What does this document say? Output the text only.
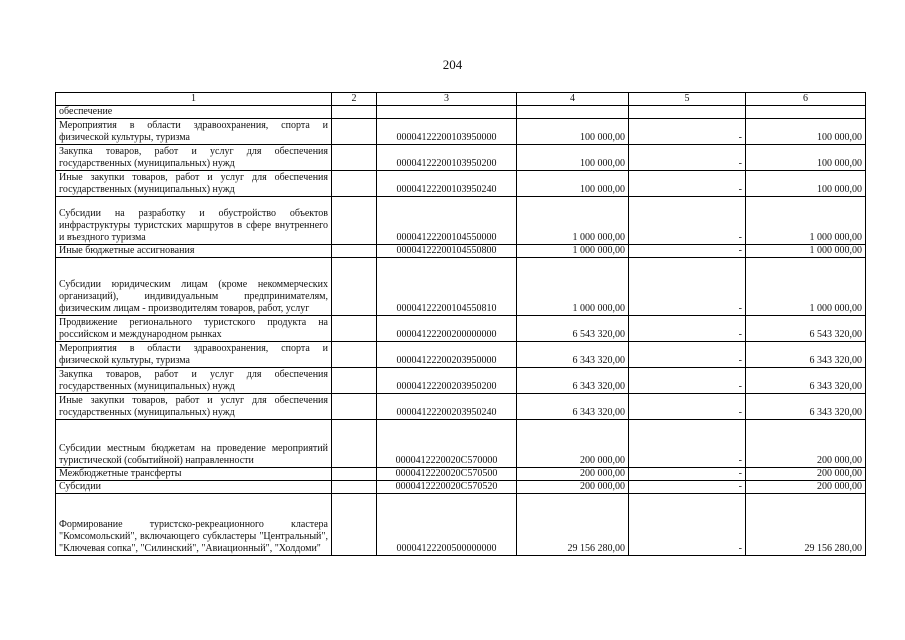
204
1	2	3	4	5	6
обеспечение					
Мероприятия в области здравоохранения, спорта и физической культуры, туризма		00004122200103950000	100 000,00	-	100 000,00
Закупка товаров, работ и услуг для обеспечения государственных (муниципальных) нужд		00004122200103950200	100 000,00	-	100 000,00
Иные закупки товаров, работ и услуг для обеспечения государственных (муниципальных) нужд		00004122200103950240	100 000,00	-	100 000,00
Субсидии на разработку и обустройство объектов инфраструктуры туристских маршрутов в сфере внутреннего и въездного туризма		00004122200104550000	1 000 000,00	-	1 000 000,00
Иные бюджетные ассигнования		00004122200104550800	1 000 000,00	-	1 000 000,00
Субсидии юридическим лицам (кроме некоммерческих организаций), индивидуальным предпринимателям, физическим лицам - производителям товаров, работ, услуг		00004122200104550810	1 000 000,00	-	1 000 000,00
Продвижение регионального туристского продукта на российском и международном рынках		00004122200200000000	6 543 320,00	-	6 543 320,00
Мероприятия в области здравоохранения, спорта и физической культуры, туризма		00004122200203950000	6 343 320,00	-	6 343 320,00
Закупка товаров, работ и услуг для обеспечения государственных (муниципальных) нужд		00004122200203950200	6 343 320,00	-	6 343 320,00
Иные закупки товаров, работ и услуг для обеспечения государственных (муниципальных) нужд		00004122200203950240	6 343 320,00	-	6 343 320,00
Субсидии местным бюджетам на проведение мероприятий туристической (событийной) направленности		0000412220020С570000	200 000,00	-	200 000,00
Межбюджетные трансферты		0000412220020С570500	200 000,00	-	200 000,00
Субсидии		0000412220020С570520	200 000,00	-	200 000,00
Формирование туристско-рекреационного кластера "Комсомольский", включающего субкластеры "Центральный", "Ключевая сопка", "Силинский", "Авиационный", "Холдоми"		00004122200500000000	29 156 280,00	-	29 156 280,00
